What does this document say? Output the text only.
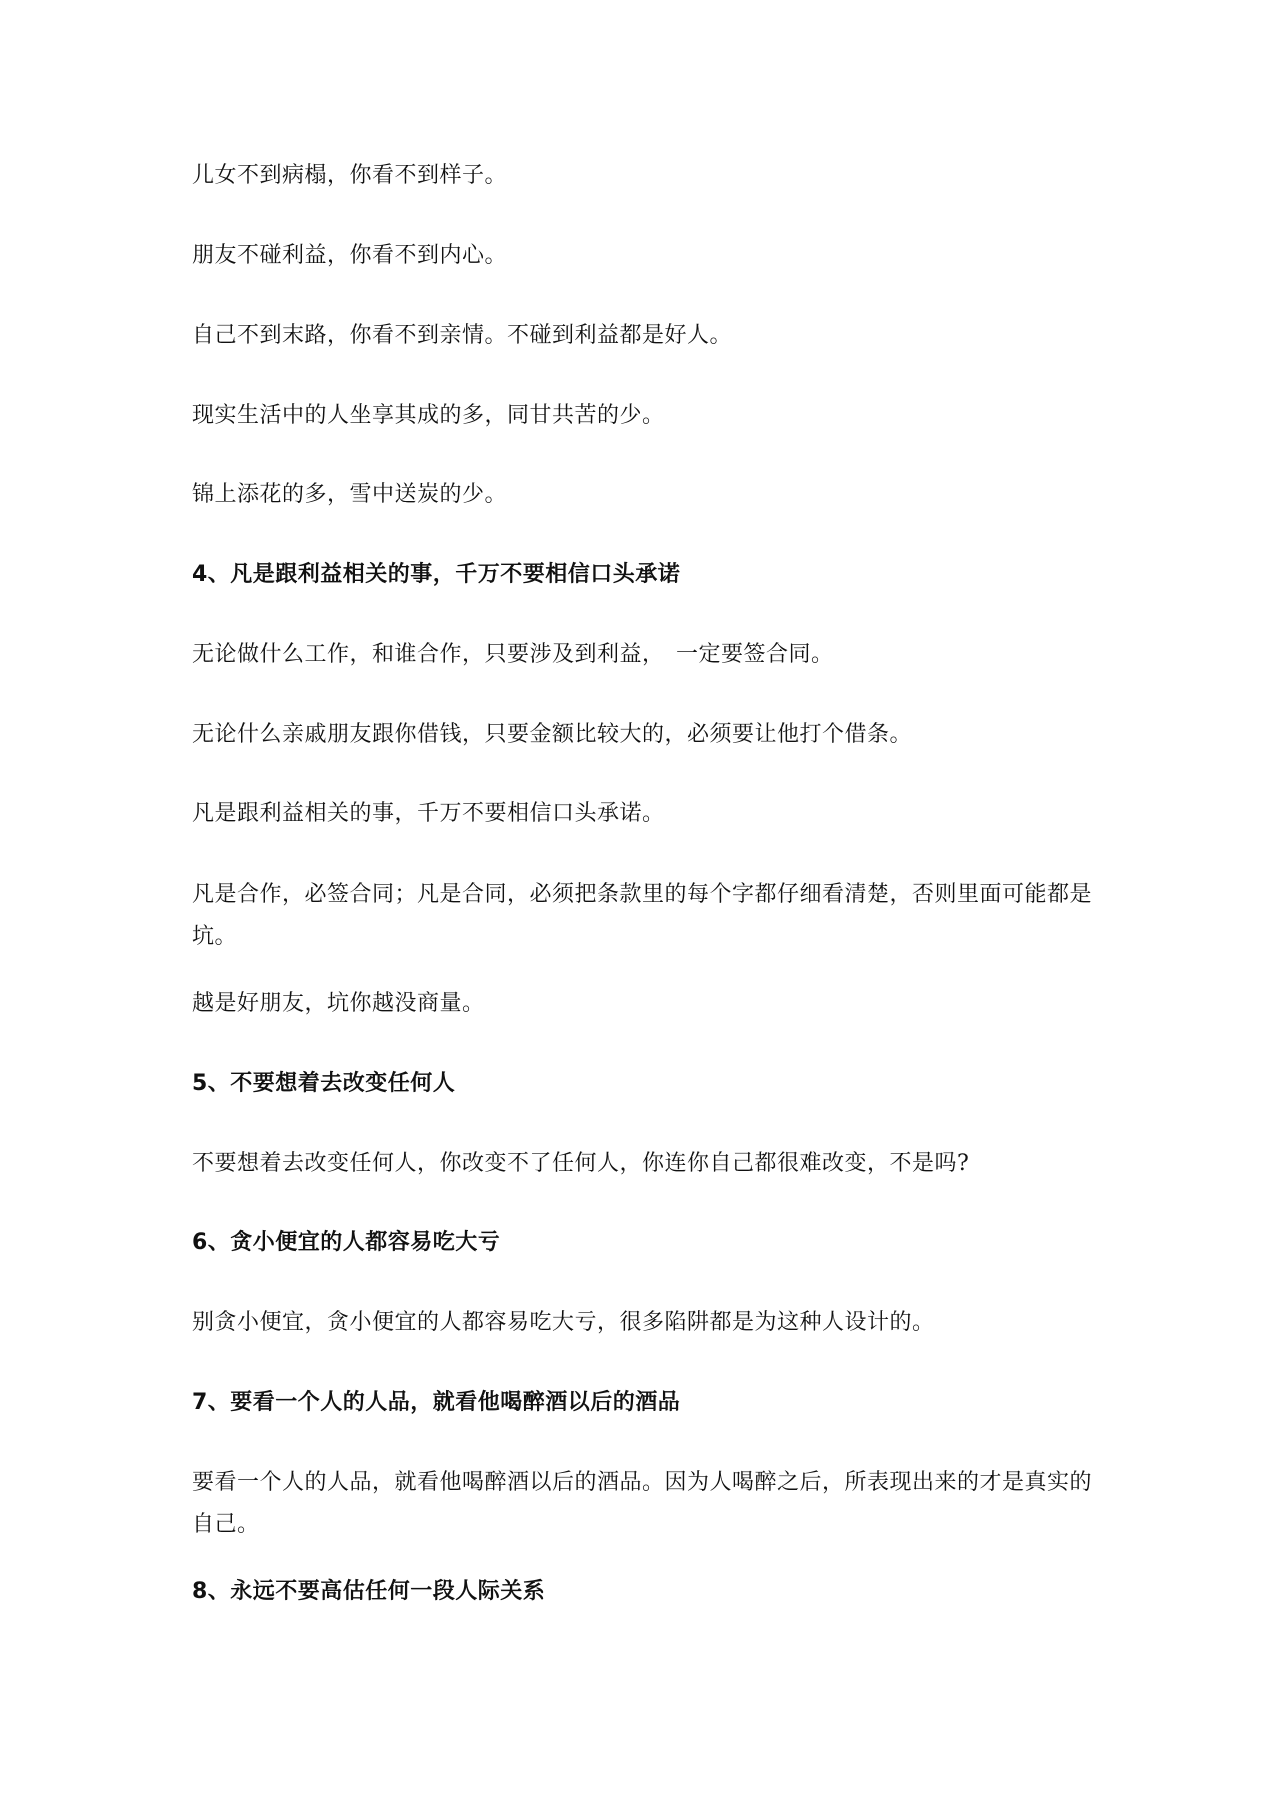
儿女不到病榻，你看不到样子。
朋友不碰利益，你看不到内心。
自己不到末路，你看不到亲情。不碰到利益都是好人。
现实生活中的人坐享其成的多，同甘共苦的少。
锦上添花的多，雪中送炭的少。
4、凡是跟利益相关的事，千万不要相信口头承诺
无论做什么工作，和谁合作，只要涉及到利益，　一定要签合同。
无论什么亲戚朋友跟你借钱，只要金额比较大的，必须要让他打个借条。
凡是跟利益相关的事，千万不要相信口头承诺。
凡是合作，必签合同；凡是合同，必须把条款里的每个字都仔细看清楚，否则里面可能都是坑。
越是好朋友，坑你越没商量。
5、不要想着去改变任何人
不要想着去改变任何人，你改变不了任何人，你连你自己都很难改变，不是吗?
6、贪小便宜的人都容易吃大亏
别贪小便宜，贪小便宜的人都容易吃大亏，很多陷阱都是为这种人设计的。
7、要看一个人的人品，就看他喝醉酒以后的酒品
要看一个人的人品，就看他喝醉酒以后的酒品。因为人喝醉之后，所表现出来的才是真实的自己。
8、永远不要高估任何一段人际关系
